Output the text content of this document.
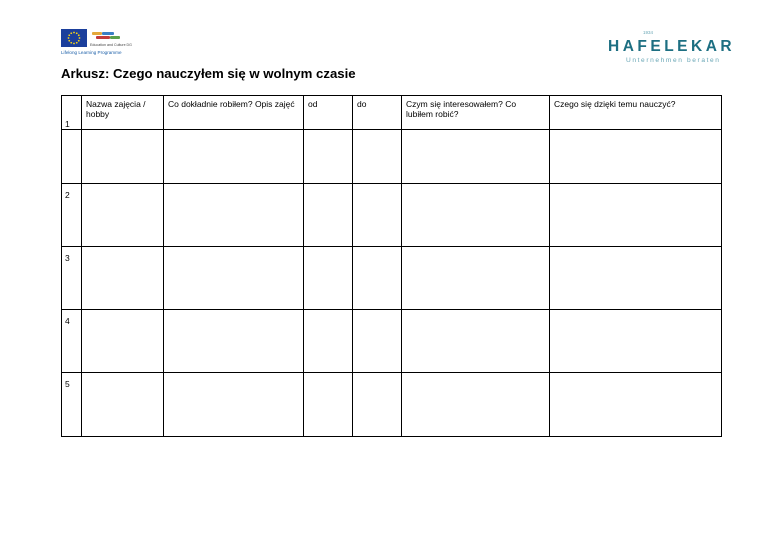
Education and Culture DG
Lifelong Learning Programme
1934
HAFELEKAR
Unternehmen beraten
Arkusz: Czego nauczyłem się w wolnym czasie
1	Nazwa zajęcia / hobby	Co dokładnie robiłem? Opis zajęć	od	do	Czym się interesowałem? Co lubiłem robić?	Czego się dzięki temu nauczyć?

2						
3						
4						
5						
